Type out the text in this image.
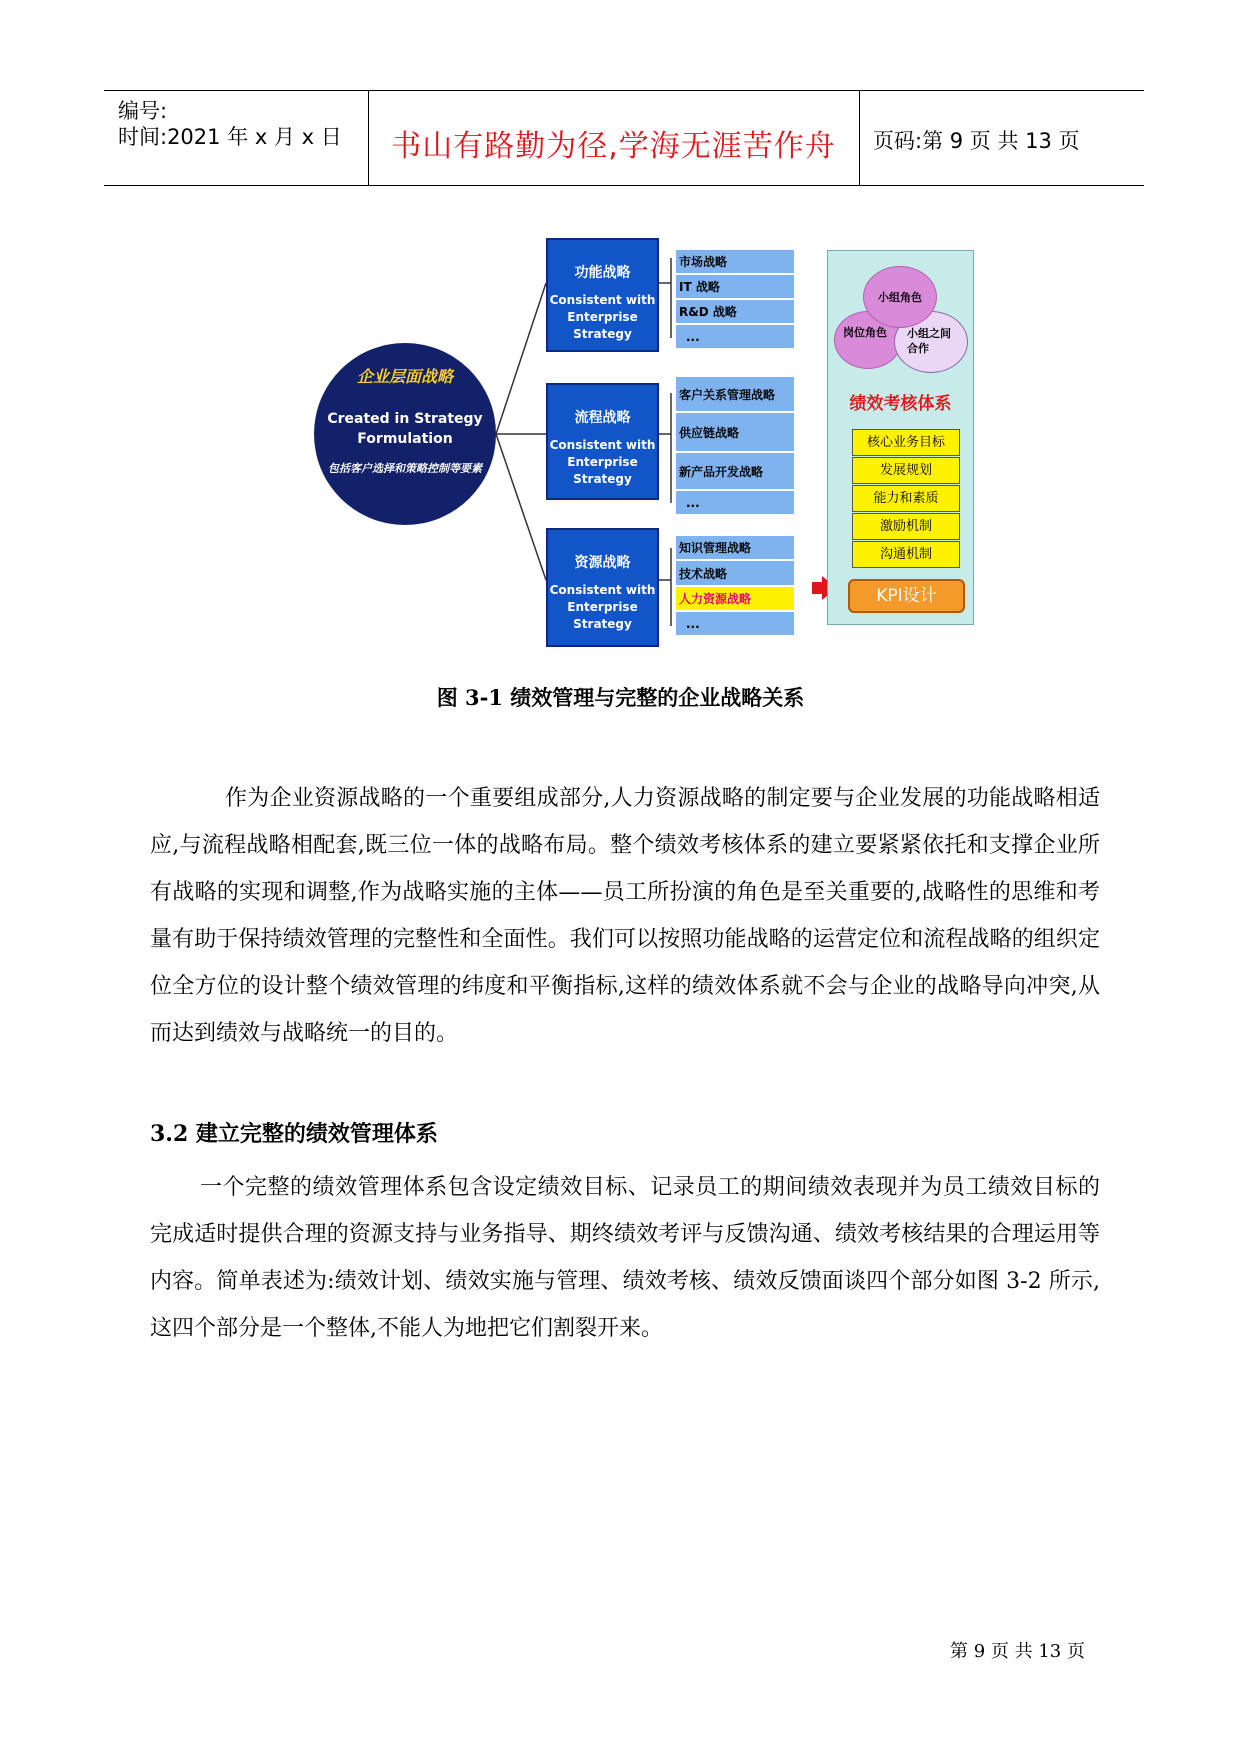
编号:
时间:2021 年 x 月 x 日	书山有路勤为径,学海无涯苦作舟	页码:第 9 页 共 13 页
企业层面战略
Created in Strategy Formulation
包括客户选择和策略控制等要素
功能战略
Consistent with Enterprise Strategy
流程战略
Consistent with Enterprise Strategy
资源战略
Consistent with Enterprise Strategy
市场战略
IT 战略
R&D 战略
...
客户关系管理战略
供应链战略
新产品开发战略
...
知识管理战略
技术战略
人力资源战略
...
小组角色
岗位角色	小组之间合作
绩效考核体系
核心业务目标
发展规划
能力和素质
激励机制
沟通机制
KPI设计
图 3-1 绩效管理与完整的企业战略关系

作为企业资源战略的一个重要组成部分,人力资源战略的制定要与企业发展的功能战略相适应,与流程战略相配套,既三位一体的战略布局。整个绩效考核体系的建立要紧紧依托和支撑企业所有战略的实现和调整,作为战略实施的主体——员工所扮演的角色是至关重要的,战略性的思维和考量有助于保持绩效管理的完整性和全面性。我们可以按照功能战略的运营定位和流程战略的组织定位全方位的设计整个绩效管理的纬度和平衡指标,这样的绩效体系就不会与企业的战略导向冲突,从而达到绩效与战略统一的目的。

3.2 建立完整的绩效管理体系

一个完整的绩效管理体系包含设定绩效目标、记录员工的期间绩效表现并为员工绩效目标的完成适时提供合理的资源支持与业务指导、期终绩效考评与反馈沟通、绩效考核结果的合理运用等内容。简单表述为:绩效计划、绩效实施与管理、绩效考核、绩效反馈面谈四个部分如图 3-2 所示,这四个部分是一个整体,不能人为地把它们割裂开来。

第 9 页 共 13 页
